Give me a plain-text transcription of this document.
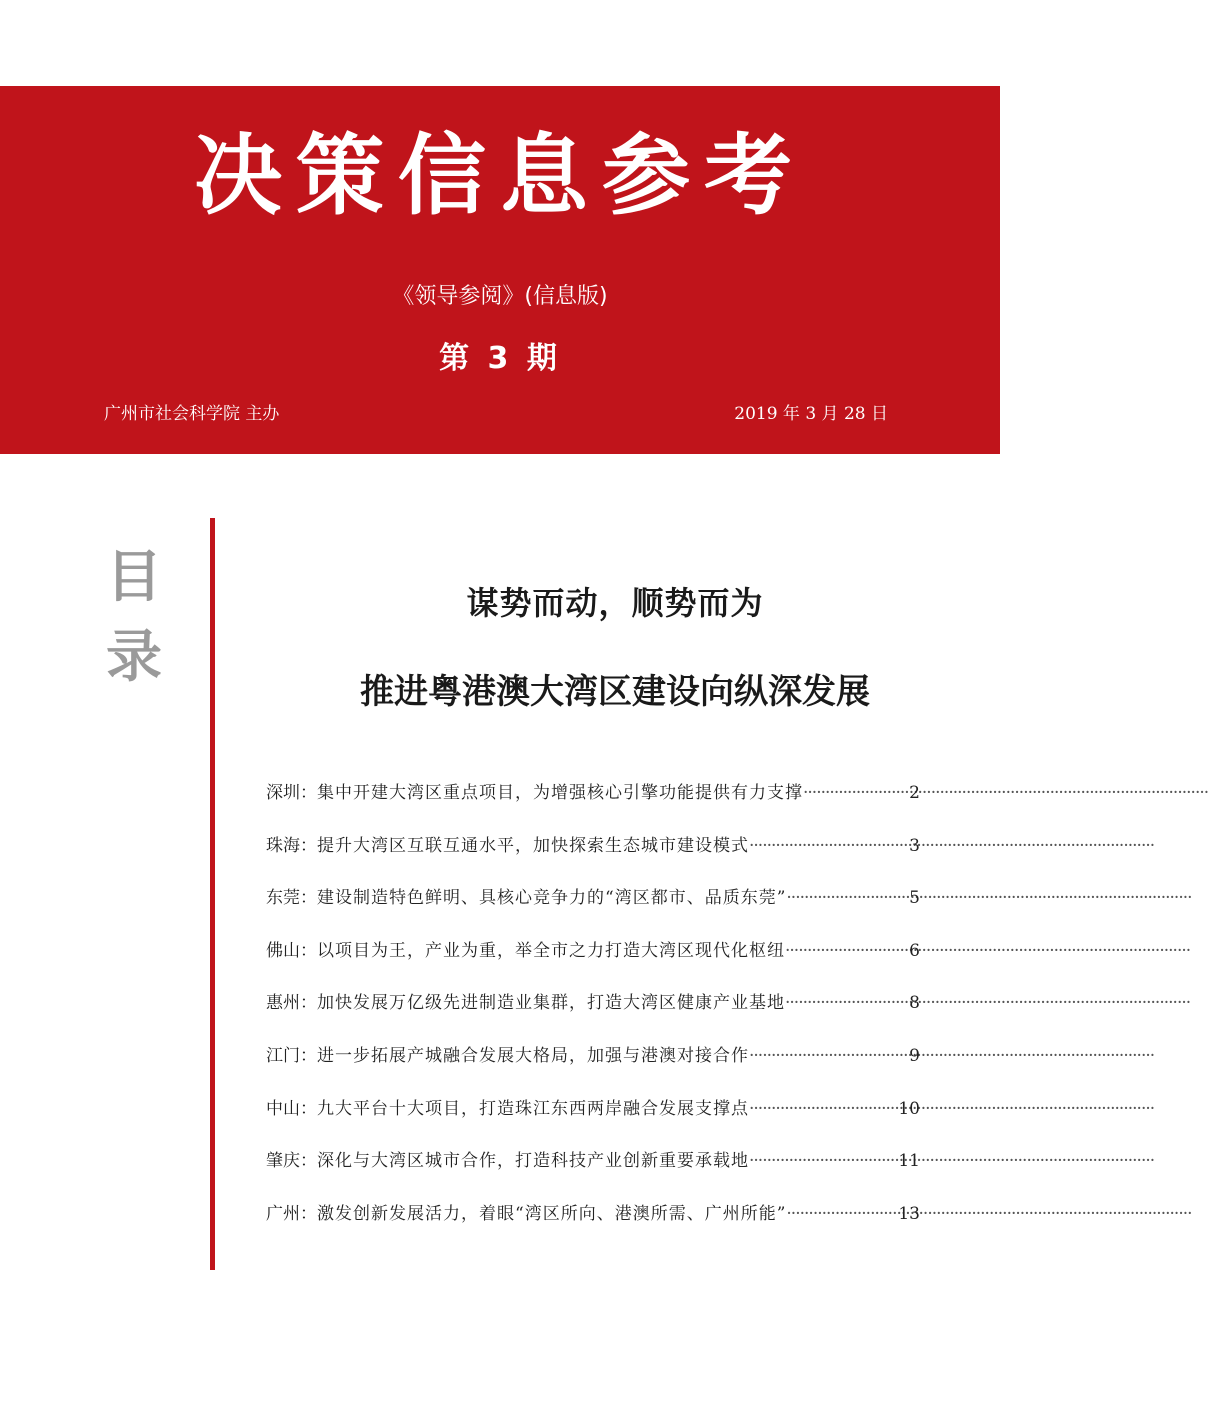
决策信息参考
《领导参阅》(信息版)
第 3 期
广州市社会科学院 主办	2019 年 3 月 28 日
目
录
谋势而动，顺势而为
推进粤港澳大湾区建设向纵深发展
深圳： 集中开建大湾区重点项目，为增强核心引擎功能提供有力支撑 ·····	2
珠海： 提升大湾区互联互通水平，加快探索生态城市建设模式 ·····	3
东莞： 建设制造特色鲜明、具核心竞争力的“湾区都市、品质东莞” ·····	5
佛山： 以项目为王，产业为重，举全市之力打造大湾区现代化枢纽 ·····	6
惠州： 加快发展万亿级先进制造业集群，打造大湾区健康产业基地 ·····	8
江门： 进一步拓展产城融合发展大格局，加强与港澳对接合作 ·····	9
中山： 九大平台十大项目，打造珠江东西两岸融合发展支撑点 ·····	10
肇庆： 深化与大湾区城市合作，打造科技产业创新重要承载地 ·····	11
广州： 激发创新发展活力，着眼“湾区所向、港澳所需、广州所能” ·····	13
